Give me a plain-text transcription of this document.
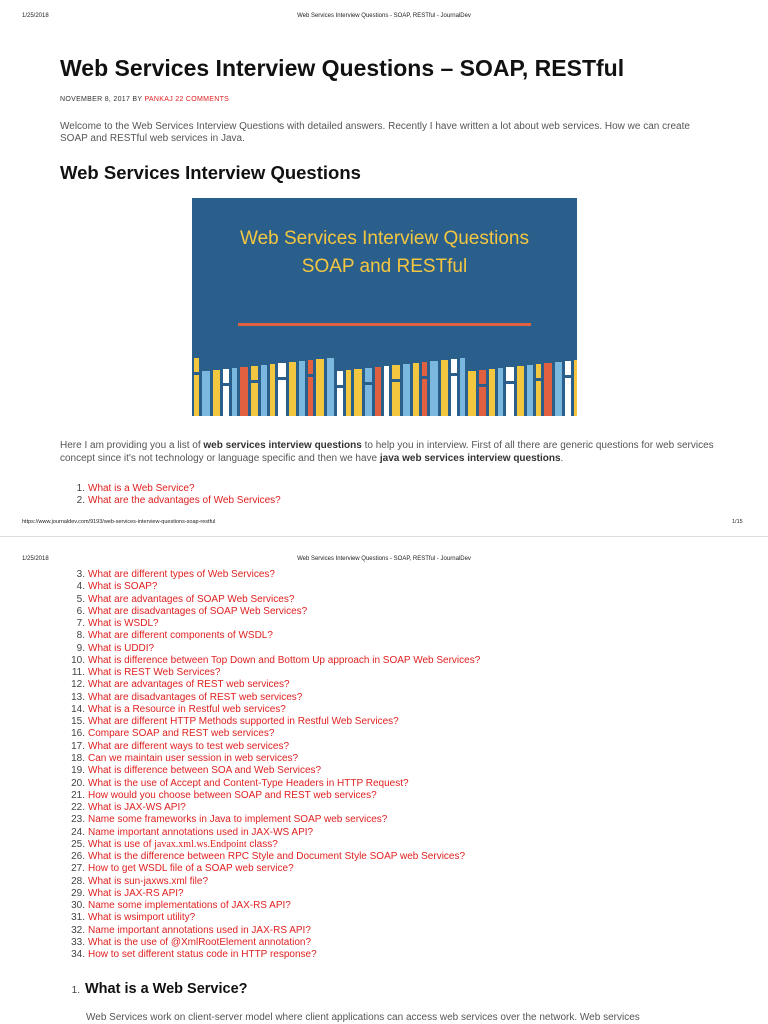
1/25/2018	Web Services Interview Questions - SOAP, RESTful - JournalDev
Web Services Interview Questions – SOAP, RESTful
NOVEMBER 8, 2017 BY PANKAJ 22 COMMENTS

Welcome to the Web Services Interview Questions with detailed answers. Recently I have written a lot about web services. How we can create SOAP and RESTful web services in Java.

Web Services Interview Questions
Web Services Interview Questions
SOAP and RESTful

Here I am providing you a list of web services interview questions to help you in interview. First of all there are generic questions for web services concept since it's not technology or language specific and then we have java web services interview questions.

1. What is a Web Service?
2. What are the advantages of Web Services?
https://www.journaldev.com/9193/web-services-interview-questions-soap-restful	1/15
1/25/2018	Web Services Interview Questions - SOAP, RESTful - JournalDev
3. What are different types of Web Services?
4. What is SOAP?
5. What are advantages of SOAP Web Services?
6. What are disadvantages of SOAP Web Services?
7. What is WSDL?
8. What are different components of WSDL?
9. What is UDDI?
10. What is difference between Top Down and Bottom Up approach in SOAP Web Services?
11. What is REST Web Services?
12. What are advantages of REST web services?
13. What are disadvantages of REST web services?
14. What is a Resource in Restful web services?
15. What are different HTTP Methods supported in Restful Web Services?
16. Compare SOAP and REST web services?
17. What are different ways to test web services?
18. Can we maintain user session in web services?
19. What is difference between SOA and Web Services?
20. What is the use of Accept and Content-Type Headers in HTTP Request?
21. How would you choose between SOAP and REST web services?
22. What is JAX-WS API?
23. Name some frameworks in Java to implement SOAP web services?
24. Name important annotations used in JAX-WS API?
25. What is use of javax.xml.ws.Endpoint class?
26. What is the difference between RPC Style and Document Style SOAP web Services?
27. How to get WSDL file of a SOAP web service?
28. What is sun-jaxws.xml file?
29. What is JAX-RS API?
30. Name some implementations of JAX-RS API?
31. What is wsimport utility?
32. Name important annotations used in JAX-RS API?
33. What is the use of @XmlRootElement annotation?
34. How to set different status code in HTTP response?
1. What is a Web Service?

Web Services work on client-server model where client applications can access web services over the network. Web services
